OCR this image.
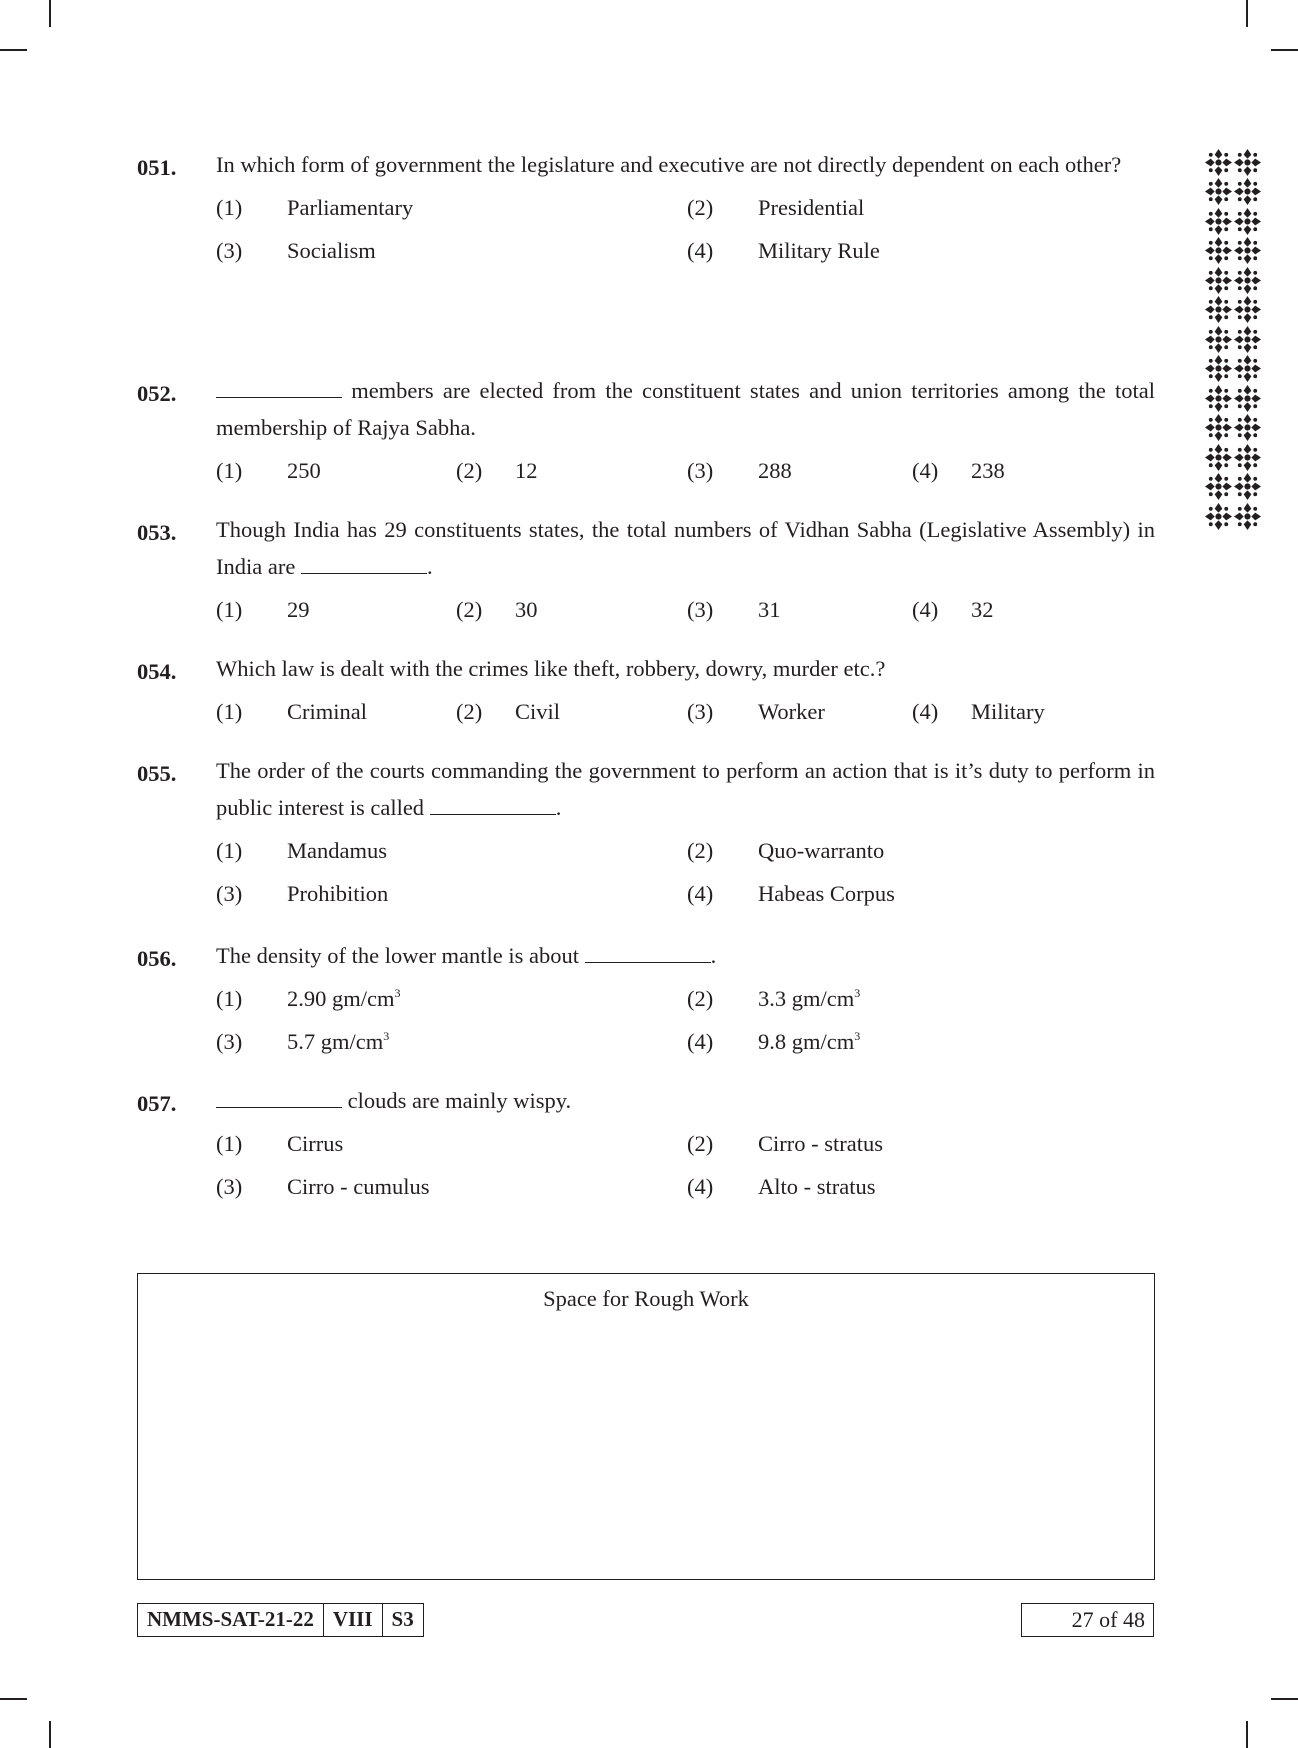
051. In which form of government the legislature and executive are not directly dependent on each other?
(1) Parliamentary	(2) Presidential
(3) Socialism	(4) Military Rule
052.	members are elected from the constituent states and union territories among the total membership of Rajya Sabha.
(1) 250	(2) 12	(3) 288	(4) 238
053. Though India has 29 constituents states, the total numbers of Vidhan Sabha (Legislative Assembly) in India are	.
(1) 29	(2) 30	(3) 31	(4) 32
054. Which law is dealt with the crimes like theft, robbery, dowry, murder etc.?
(1) Criminal	(2) Civil	(3) Worker	(4) Military
055. The order of the courts commanding the government to perform an action that is it’s duty to perform in public interest is called	.
(1) Mandamus	(2) Quo-warranto
(3) Prohibition	(4) Habeas Corpus
056. The density of the lower mantle is about	.
(1) 2.90 $gm/cm^3$	(2) 3.3 $gm/cm^3$
(3) 5.7 $gm/cm^3$	(4) 9.8 $gm/cm^3$
057.	clouds are mainly wispy.
(1) Cirrus	(2) Cirro - stratus
(3) Cirro - cumulus	(4) Alto - stratus
Space for Rough Work
NMMS-SAT-21-22 VIII S3	27 of 48
